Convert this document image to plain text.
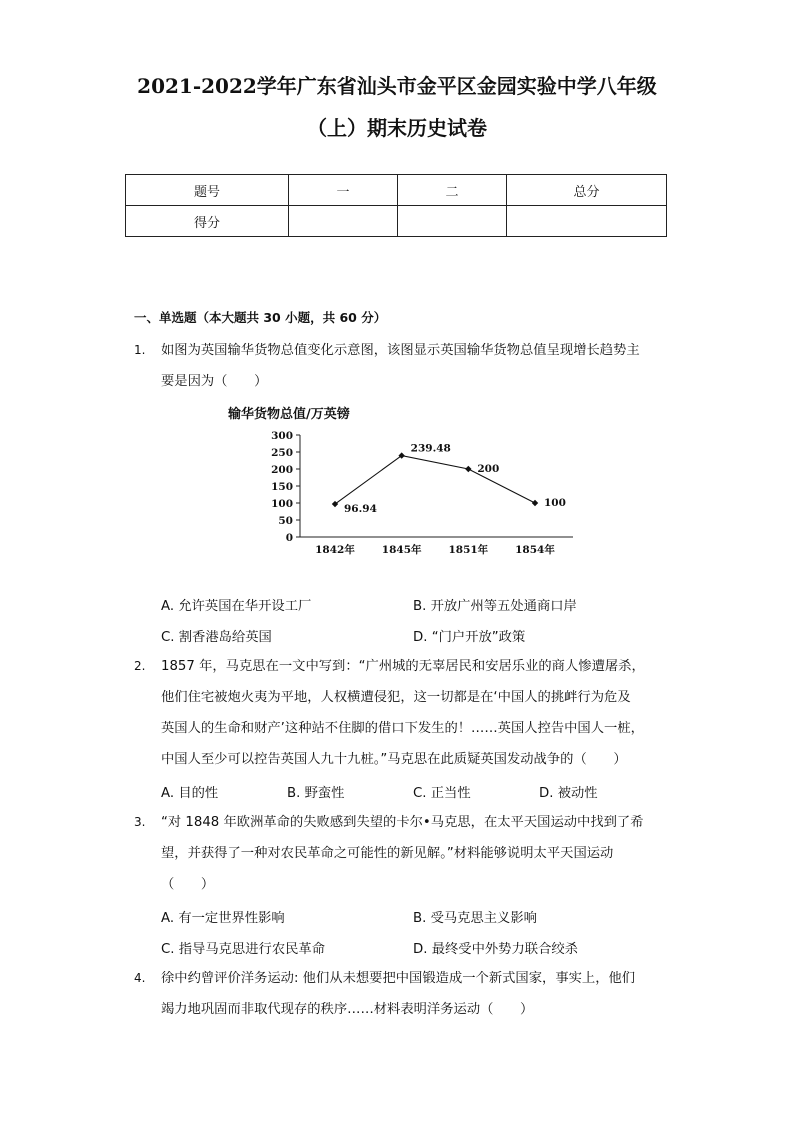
2021-2022学年广东省汕头市金平区金园实验中学八年级
（上）期末历史试卷
题号	一	二	总分
得分			
一、单选题（本大题共 30 小题，共 60 分）
1. 如图为英国输华货物总值变化示意图，该图显示英国输华货物总值呈现增长趋势主
要是因为（　　）
输华货物总值/万英镑
0
50
100
150
200
250
300
1842年	1845年	1851年	1854年
96.94
239.48
200
100
A. 允许英国在华开设工厂	B. 开放广州等五处通商口岸
C. 割香港岛给英国	D. “门户开放”政策
2. 1857 年，马克思在一文中写到：“广州城的无辜居民和安居乐业的商人惨遭屠杀，
他们住宅被炮火夷为平地，人权横遭侵犯，这一切都是在‘中国人的挑衅行为危及
英国人的生命和财产’这种站不住脚的借口下发生的！……英国人控告中国人一桩，
中国人至少可以控告英国人九十九桩。”马克思在此质疑英国发动战争的（　　）
A. 目的性	B. 野蛮性	C. 正当性	D. 被动性
3. “对 1848 年欧洲革命的失败感到失望的卡尔•马克思，在太平天国运动中找到了希
望，并获得了一种对农民革命之可能性的新见解。”材料能够说明太平天国运动
（　　）
A. 有一定世界性影响	B. 受马克思主义影响
C. 指导马克思进行农民革命	D. 最终受中外势力联合绞杀
4. 徐中约曾评价洋务运动: 他们从未想要把中国锻造成一个新式国家，事实上，他们
竭力地巩固而非取代现存的秩序……材料表明洋务运动（　　）
